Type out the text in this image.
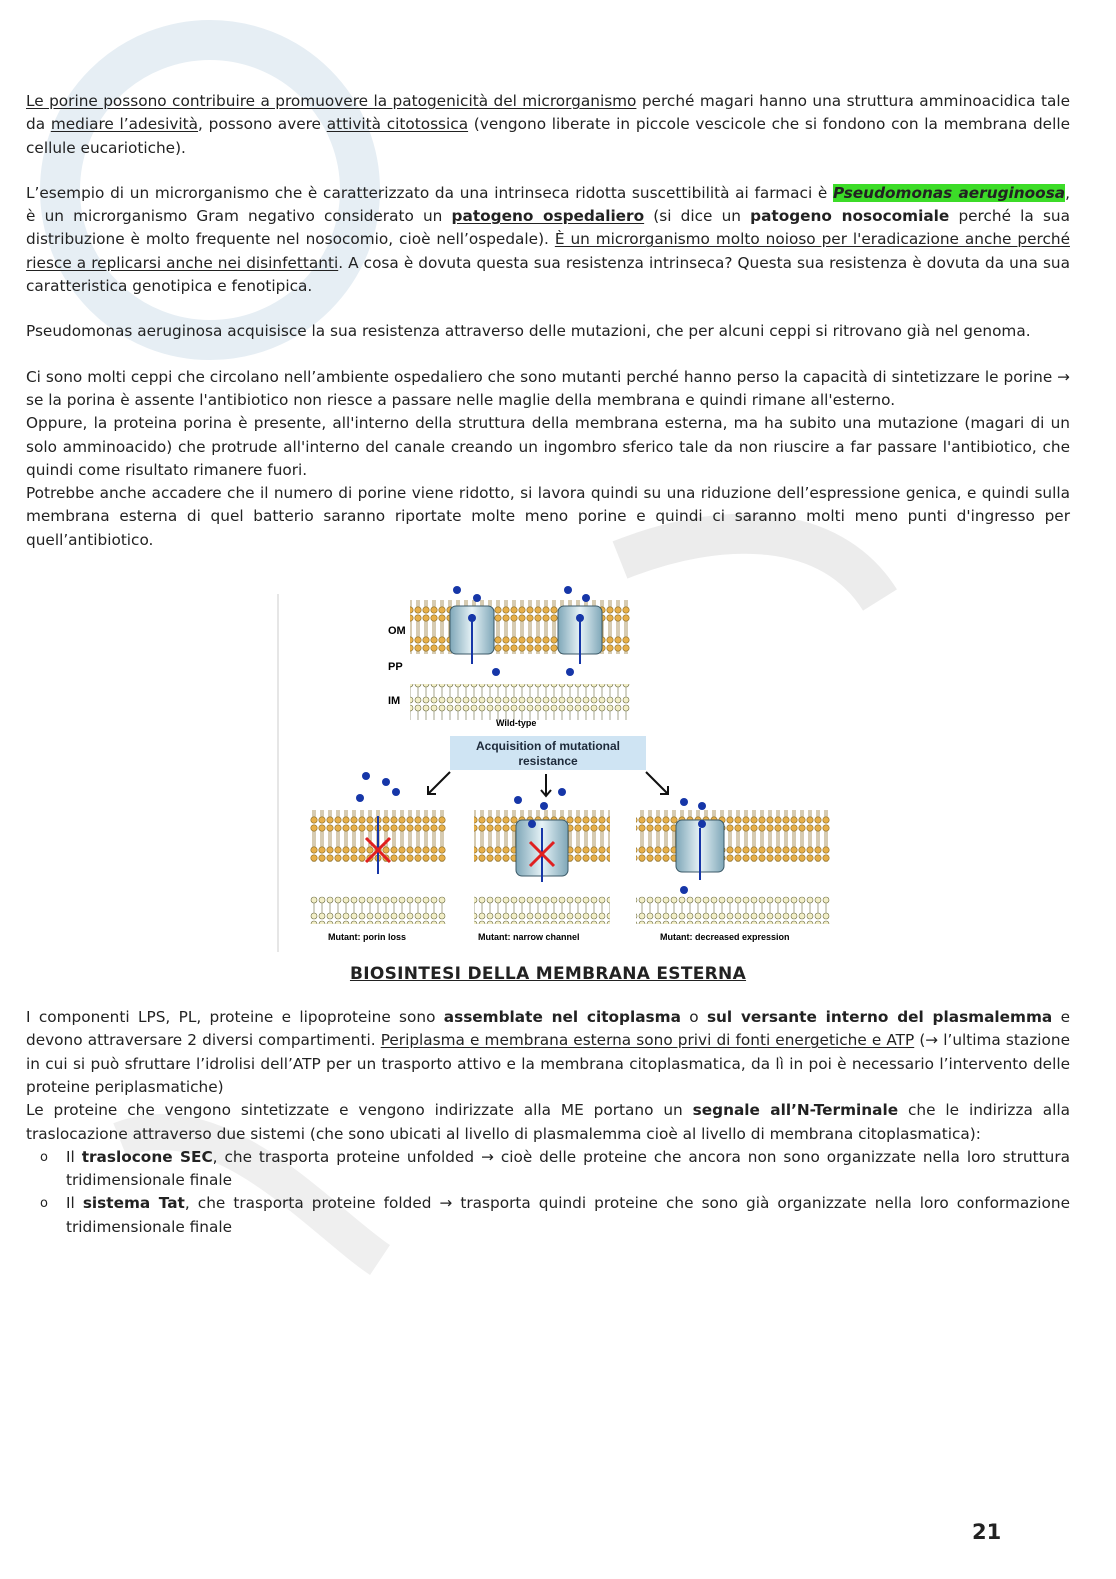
Le porine possono contribuire a promuovere la patogenicità del microrganismo perché magari hanno una struttura amminoacidica tale da mediare l’adesività, possono avere attività citotossica (vengono liberate in piccole vescicole che si fondono con la membrana delle cellule eucariotiche).

L’esempio di un microrganismo che è caratterizzato da una intrinseca ridotta suscettibilità ai farmaci è Pseudomonas aeruginoosa, è un microrganismo Gram negativo considerato un patogeno ospedaliero (si dice un patogeno nosocomiale perché la sua distribuzione è molto frequente nel nosocomio, cioè nell’ospedale). È un microrganismo molto noioso per l'eradicazione anche perché riesce a replicarsi anche nei disinfettanti. A cosa è dovuta questa sua resistenza intrinseca? Questa sua resistenza è dovuta da una sua caratteristica genotipica e fenotipica.

Pseudomonas aeruginosa acquisisce la sua resistenza attraverso delle mutazioni, che per alcuni ceppi si ritrovano già nel genoma.

Ci sono molti ceppi che circolano nell’ambiente ospedaliero che sono mutanti perché hanno perso la capacità di sintetizzare le porine → se la porina è assente l'antibiotico non riesce a passare nelle maglie della membrana e quindi rimane all'esterno.

Oppure, la proteina porina è presente, all'interno della struttura della membrana esterna, ma ha subito una mutazione (magari di un solo amminoacido) che protrude all'interno del canale creando un ingombro sferico tale da non riuscire a far passare l'antibiotico, che quindi come risultato rimanere fuori.

Potrebbe anche accadere che il numero di porine viene ridotto, si lavora quindi su una riduzione dell’espressione genica, e quindi sulla membrana esterna di quel batterio saranno riportate molte meno porine e quindi ci saranno molti meno punti d'ingresso per quell’antibiotico.

OM
PP
IM
Wild-type
Acquisition of mutational
resistance
Mutant: porin loss	Mutant: narrow channel	Mutant: decreased expression
BIOSINTESI DELLA MEMBRANA ESTERNA

I componenti LPS, PL, proteine e lipoproteine sono assemblate nel citoplasma o sul versante interno del plasmalemma e devono attraversare 2 diversi compartimenti. Periplasma e membrana esterna sono privi di fonti energetiche e ATP (→ l’ultima stazione in cui si può sfruttare l’idrolisi dell’ATP per un trasporto attivo e la membrana citoplasmatica, da lì in poi è necessario l’intervento delle proteine periplasmatiche)

Le proteine che vengono sintetizzate e vengono indirizzate alla ME portano un segnale all’N-Terminale che le indirizza alla traslocazione attraverso due sistemi (che sono ubicati al livello di plasmalemma cioè al livello di membrana citoplasmatica):

o Il traslocone SEC, che trasporta proteine unfolded → cioè delle proteine che ancora non sono organizzate nella loro struttura tridimensionale finale
o Il sistema Tat, che trasporta proteine folded → trasporta quindi proteine che sono già organizzate nella loro conformazione tridimensionale finale
21
